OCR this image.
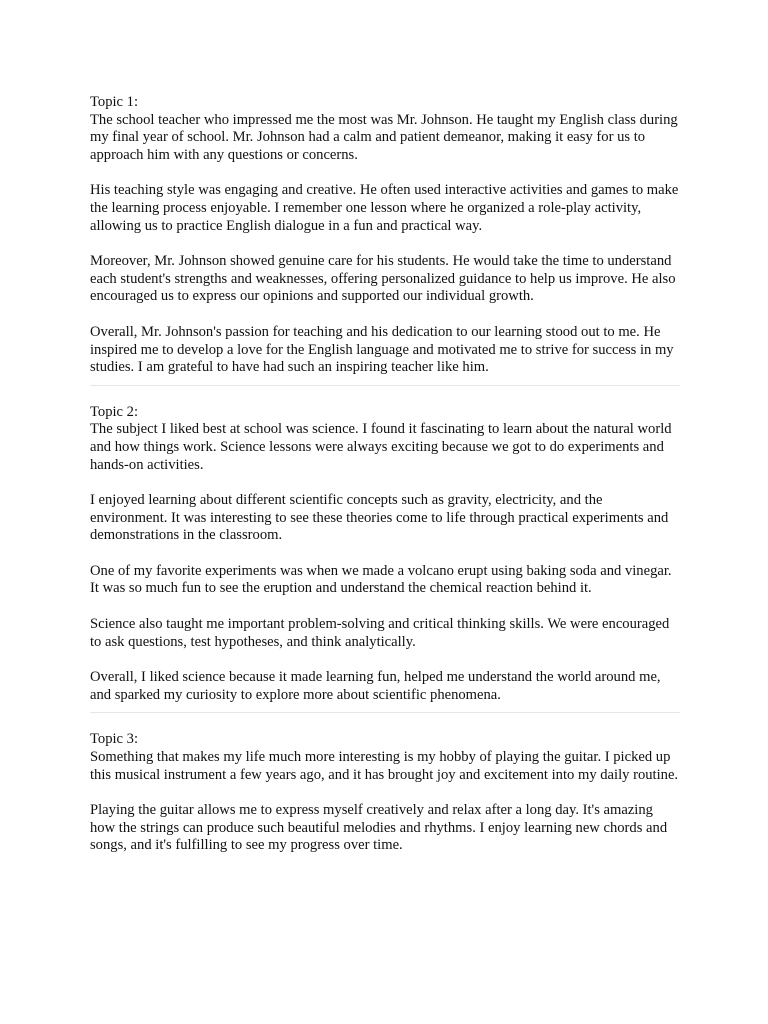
Topic 1:

The school teacher who impressed me the most was Mr. Johnson. He taught my English class during my final year of school. Mr. Johnson had a calm and patient demeanor, making it easy for us to approach him with any questions or concerns.

His teaching style was engaging and creative. He often used interactive activities and games to make the learning process enjoyable. I remember one lesson where he organized a role-play activity, allowing us to practice English dialogue in a fun and practical way.

Moreover, Mr. Johnson showed genuine care for his students. He would take the time to understand each student's strengths and weaknesses, offering personalized guidance to help us improve. He also encouraged us to express our opinions and supported our individual growth.

Overall, Mr. Johnson's passion for teaching and his dedication to our learning stood out to me. He inspired me to develop a love for the English language and motivated me to strive for success in my studies. I am grateful to have had such an inspiring teacher like him.

Topic 2:

The subject I liked best at school was science. I found it fascinating to learn about the natural world and how things work. Science lessons were always exciting because we got to do experiments and hands-on activities.

I enjoyed learning about different scientific concepts such as gravity, electricity, and the environment. It was interesting to see these theories come to life through practical experiments and demonstrations in the classroom.

One of my favorite experiments was when we made a volcano erupt using baking soda and vinegar. It was so much fun to see the eruption and understand the chemical reaction behind it.

Science also taught me important problem-solving and critical thinking skills. We were encouraged to ask questions, test hypotheses, and think analytically.

Overall, I liked science because it made learning fun, helped me understand the world around me, and sparked my curiosity to explore more about scientific phenomena.

Topic 3:

Something that makes my life much more interesting is my hobby of playing the guitar. I picked up this musical instrument a few years ago, and it has brought joy and excitement into my daily routine.

Playing the guitar allows me to express myself creatively and relax after a long day. It's amazing how the strings can produce such beautiful melodies and rhythms. I enjoy learning new chords and songs, and it's fulfilling to see my progress over time.
